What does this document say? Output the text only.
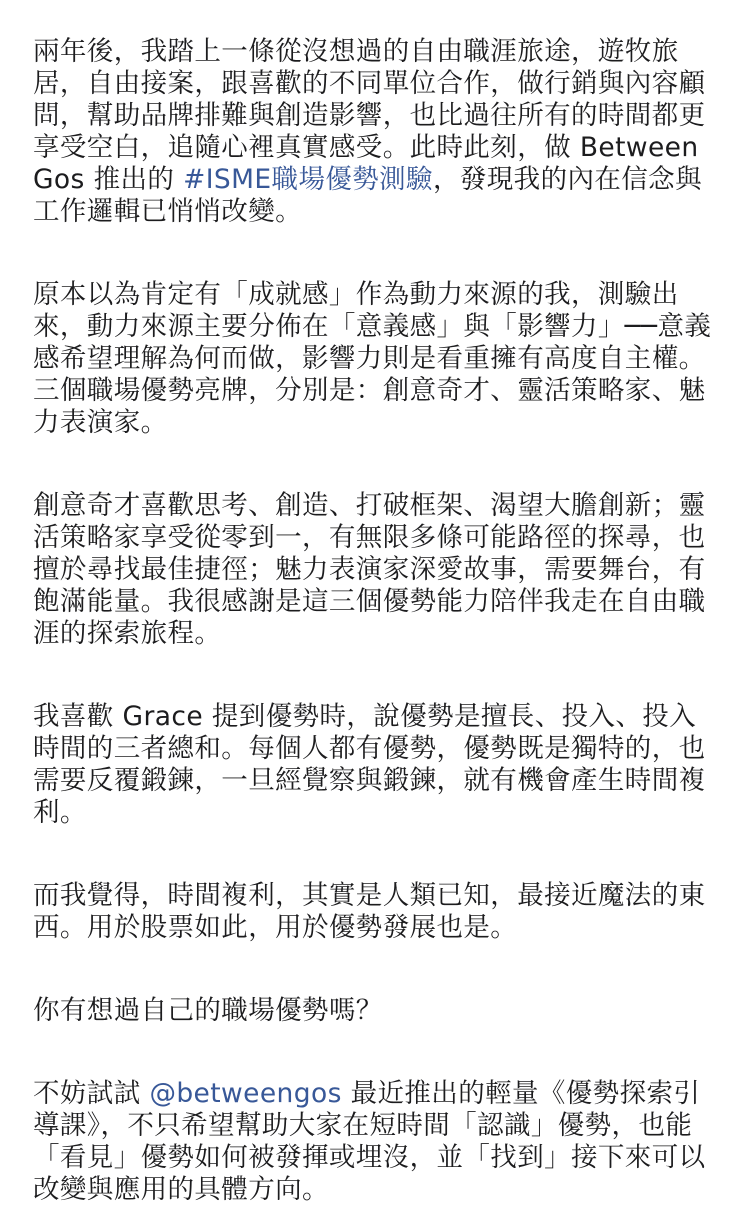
兩年後，我踏上一條從沒想過的自由職涯旅途，遊牧旅居，自由接案，跟喜歡的不同單位合作，做行銷與內容顧問，幫助品牌排難與創造影響，也比過往所有的時間都更享受空白，追隨心裡真實感受。此時此刻，做 BetweenGos 推出的 #ISME職場優勢測驗，發現我的內在信念與工作邏輯已悄悄改變。

原本以為肯定有「成就感」作為動力來源的我，測驗出來，動力來源主要分佈在「意義感」與「影響力」──意義感希望理解為何而做，影響力則是看重擁有高度自主權。三個職場優勢亮牌，分別是：創意奇才、靈活策略家、魅力表演家。

創意奇才喜歡思考、創造、打破框架、渴望大膽創新；靈活策略家享受從零到一，有無限多條可能路徑的探尋，也擅於尋找最佳捷徑；魅力表演家深愛故事，需要舞台，有飽滿能量。我很感謝是這三個優勢能力陪伴我走在自由職涯的探索旅程。

我喜歡 Grace 提到優勢時，說優勢是擅長、投入、投入時間的三者總和。每個人都有優勢，優勢既是獨特的，也需要反覆鍛鍊，一旦經覺察與鍛鍊，就有機會產生時間複利。

而我覺得，時間複利，其實是人類已知，最接近魔法的東西。用於股票如此，用於優勢發展也是。

你有想過自己的職場優勢嗎？

不妨試試 @betweengos 最近推出的輕量《優勢探索引導課》，不只希望幫助大家在短時間「認識」優勢，也能「看見」優勢如何被發揮或埋沒，並「找到」接下來可以改變與應用的具體方向。
